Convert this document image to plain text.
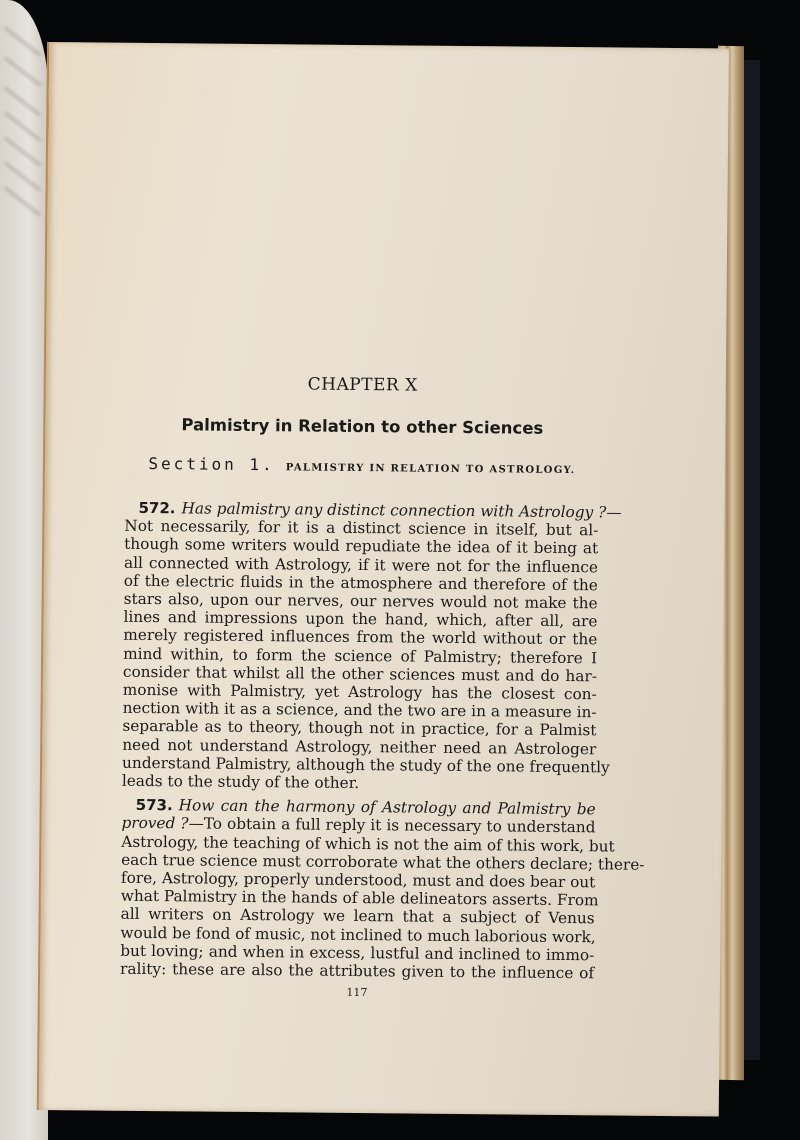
CHAPTER X
Palmistry in Relation to other Sciences
Section 1. PALMISTRY IN RELATION TO ASTROLOGY.
572. Has palmistry any distinct connection with Astrology ?—
Not necessarily, for it is a distinct science in itself, but al-
though some writers would repudiate the idea of it being at
all connected with Astrology, if it were not for the influence
of the electric fluids in the atmosphere and therefore of the
stars also, upon our nerves, our nerves would not make the
lines and impressions upon the hand, which, after all, are
merely registered influences from the world without or the
mind within, to form the science of Palmistry; therefore I
consider that whilst all the other sciences must and do har-
monise with Palmistry, yet Astrology has the closest con-
nection with it as a science, and the two are in a measure in-
separable as to theory, though not in practice, for a Palmist
need not understand Astrology, neither need an Astrologer
understand Palmistry, although the study of the one frequently
leads to the study of the other.
573. How can the harmony of Astrology and Palmistry be
proved ?—To obtain a full reply it is necessary to understand
Astrology, the teaching of which is not the aim of this work, but
each true science must corroborate what the others declare; there-
fore, Astrology, properly understood, must and does bear out
what Palmistry in the hands of able delineators asserts. From
all writers on Astrology we learn that a subject of Venus
would be fond of music, not inclined to much laborious work,
but loving; and when in excess, lustful and inclined to immo-
rality: these are also the attributes given to the influence of
117
